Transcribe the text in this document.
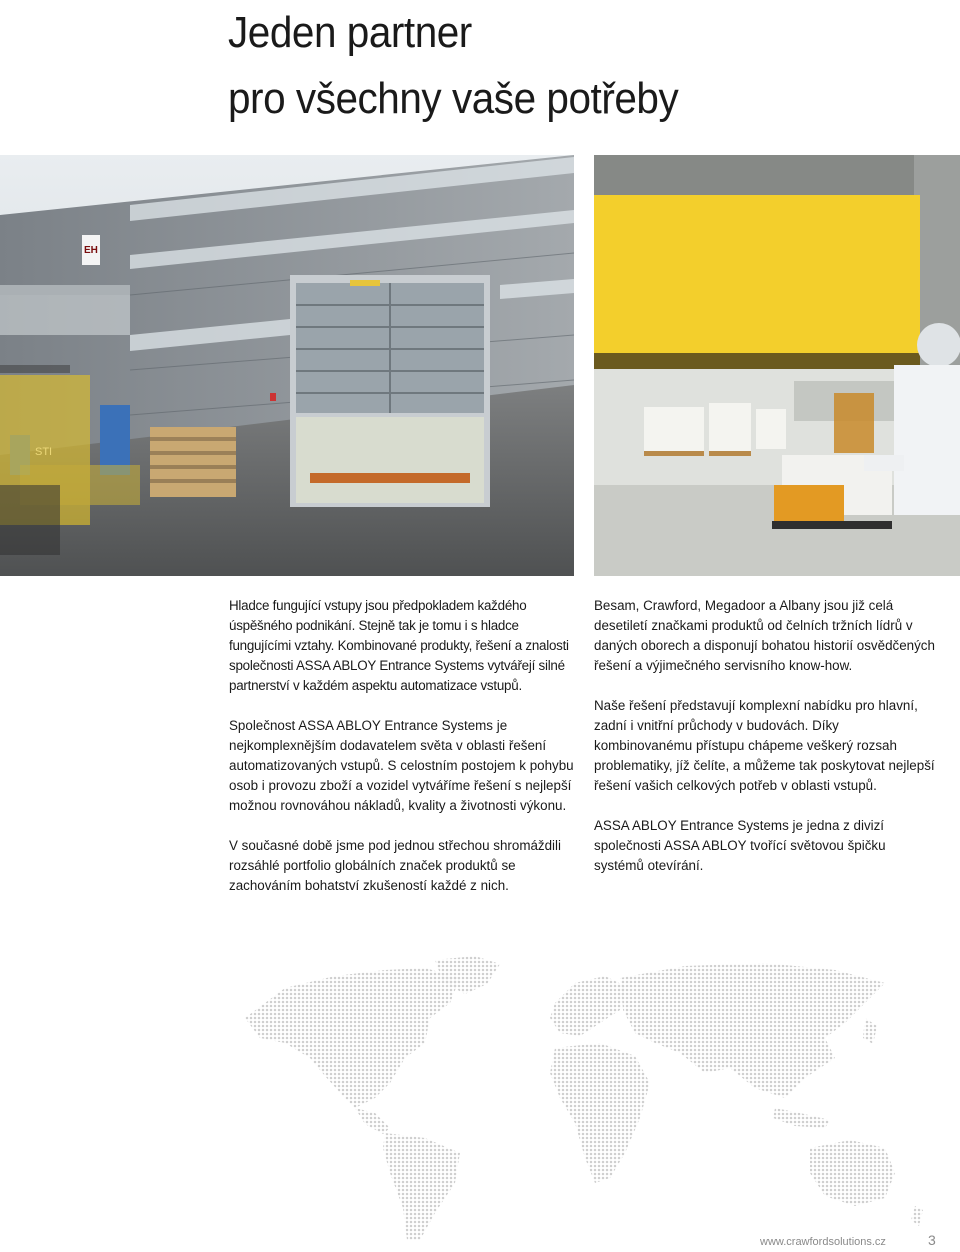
Jeden partner
pro všechny vaše potřeby
EH

Hladce fungující vstupy jsou předpokladem každého úspěšného podnikání. Stejně tak je tomu i s hladce fungujícími vztahy. Kombinované produkty, řešení a znalosti společnosti ASSA ABLOY Entrance Systems vytvářejí silné partnerství v každém aspektu automatizace vstupů.

Společnost ASSA ABLOY Entrance Systems je nejkomplexnějším dodavatelem světa v oblasti řešení automatizovaných vstupů. S celostním postojem k pohybu osob i provozu zboží a vozidel vytváříme řešení s nejlepší možnou rovnováhou nákladů, kvality a životnosti výkonu.

V současné době jsme pod jednou střechou shromáždili rozsáhlé portfolio globálních značek produktů se zachováním bohatství zkušeností každé z nich.

Besam, Crawford, Megadoor a Albany jsou již celá desetiletí značkami produktů od čelních tržních lídrů v daných oborech a disponují bohatou historií osvědčených řešení a výjimečného servisního know-how.

Naše řešení představují komplexní nabídku pro hlavní, zadní i vnitřní průchody v budovách. Díky kombinovanému přístupu chápeme veškerý rozsah problematiky, jíž čelíte, a můžeme tak poskytovat nejlepší řešení vašich celkových potřeb v oblasti vstupů.

ASSA ABLOY Entrance Systems je jedna z divizí společnosti ASSA ABLOY tvořící světovou špičku systémů otevírání.

www.crawfordsolutions.cz	3
